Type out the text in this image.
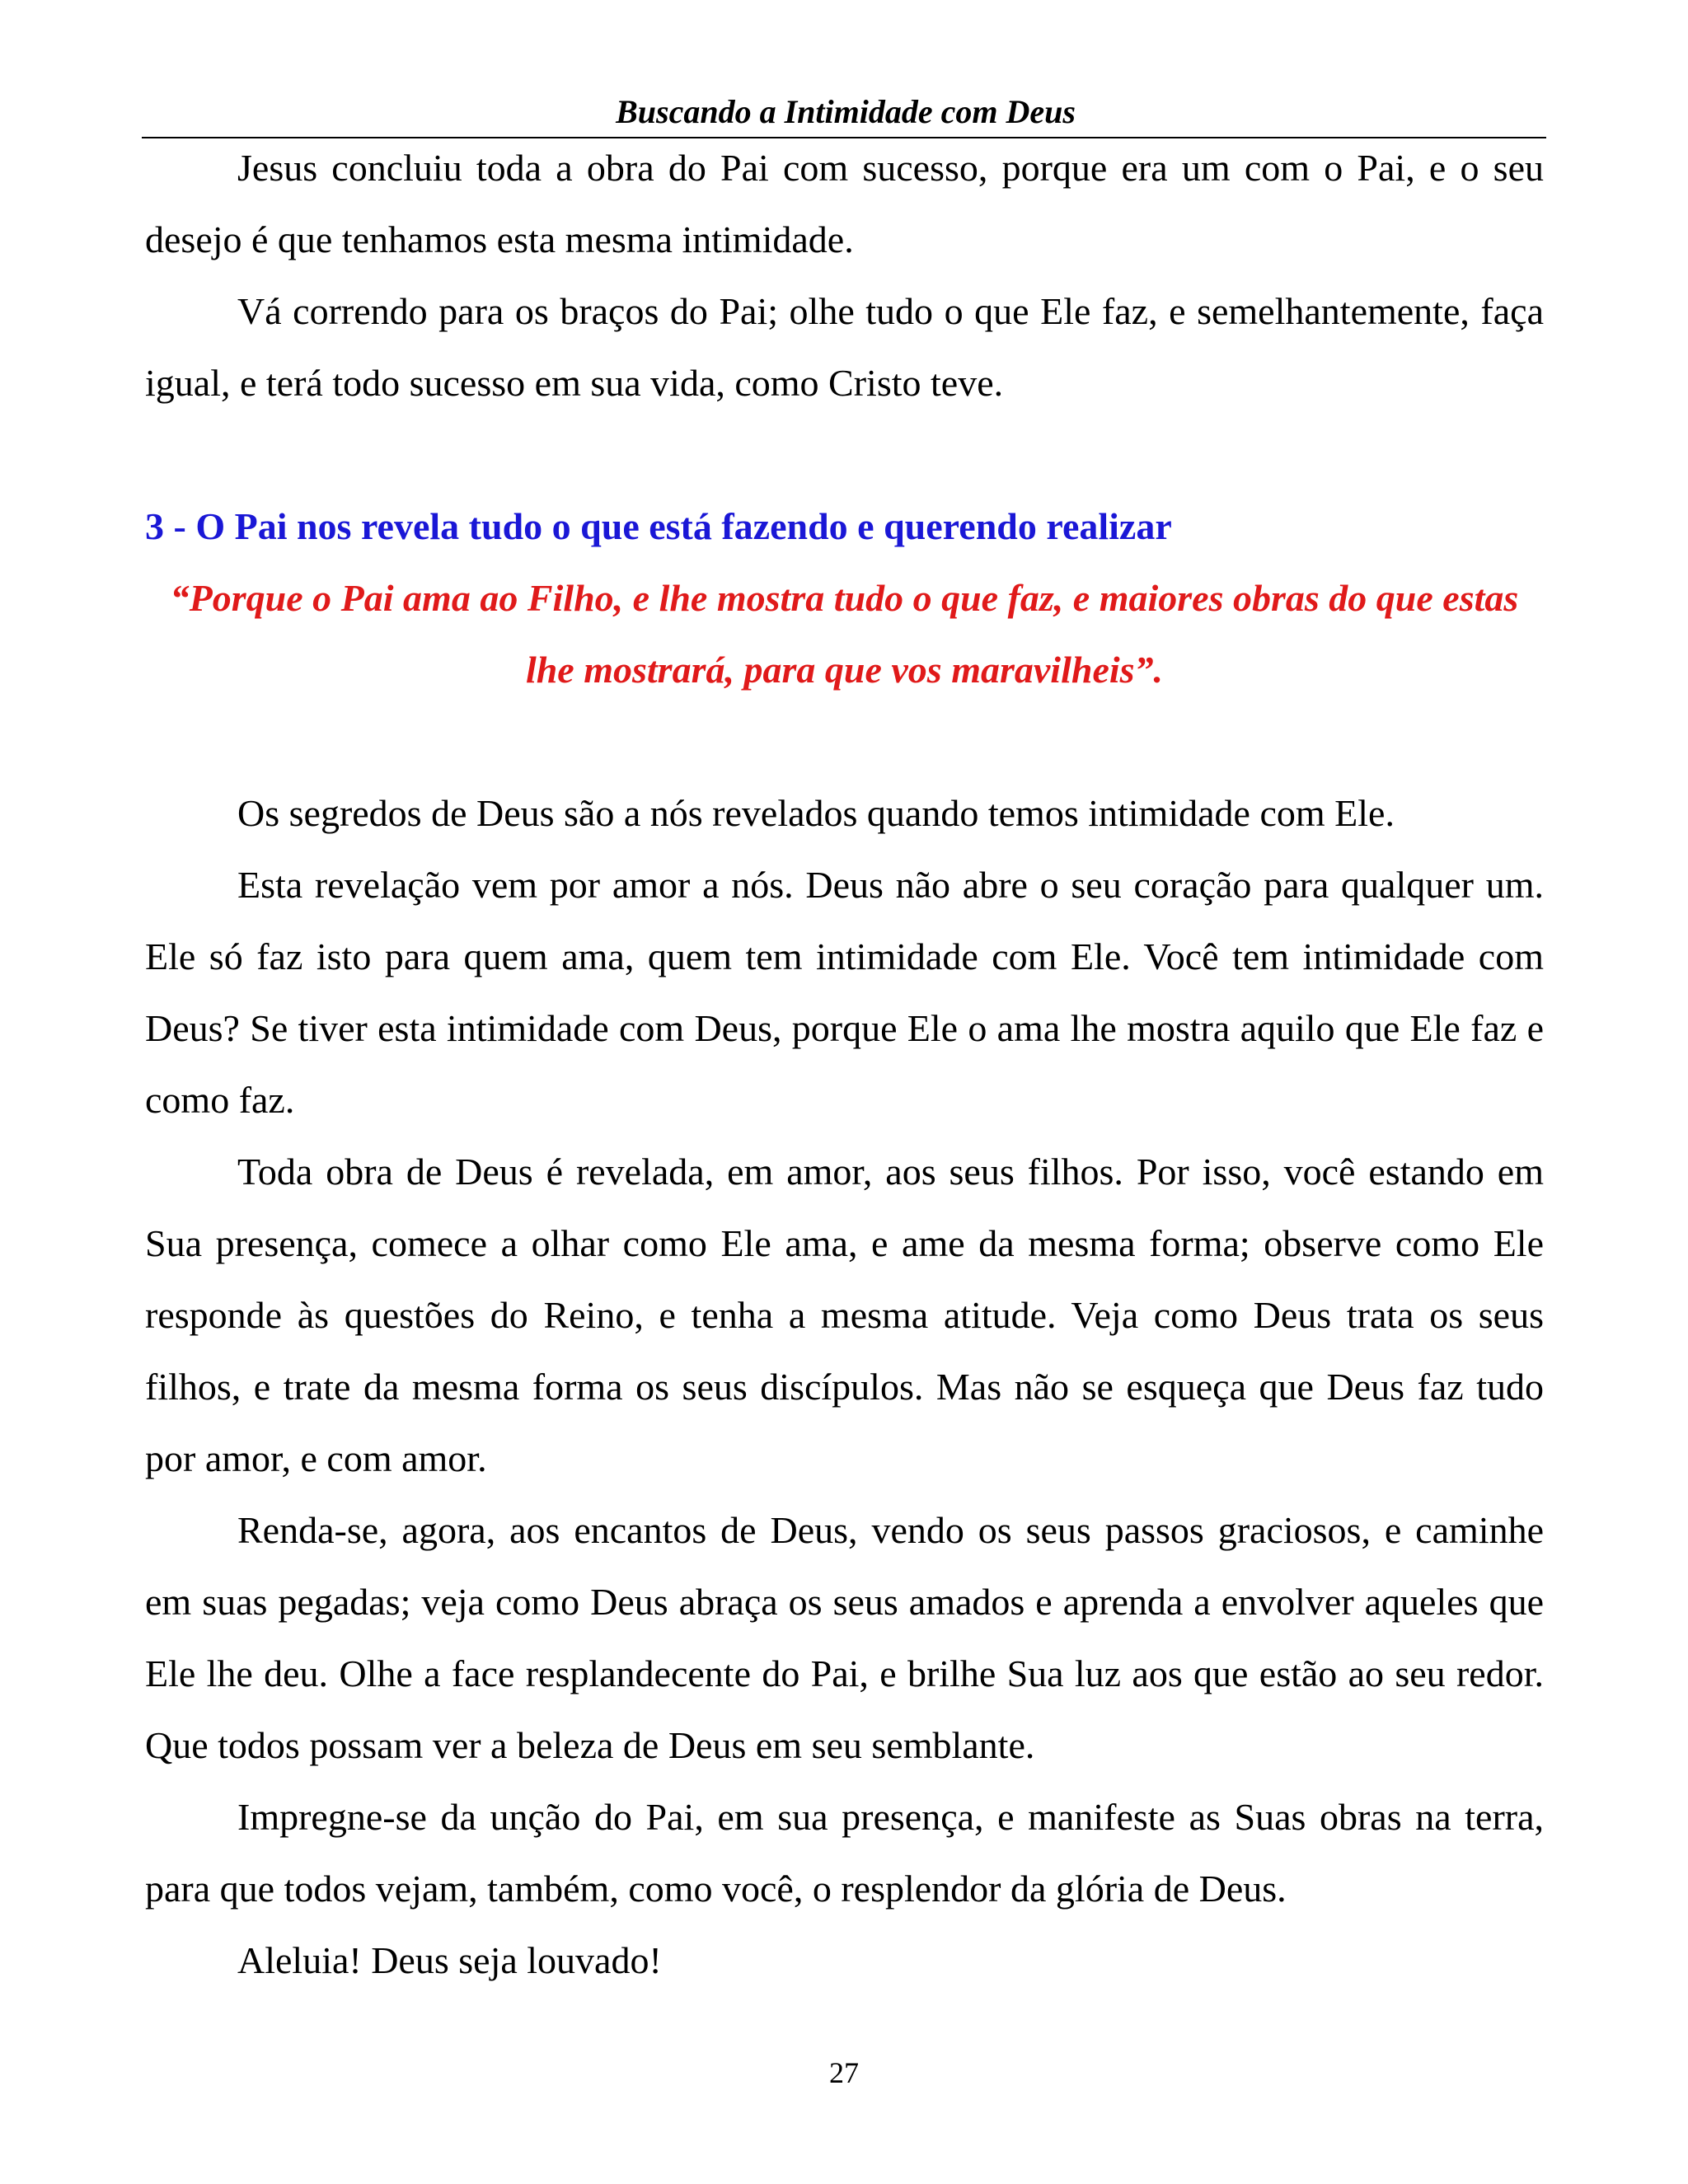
Buscando a Intimidade com Deus

Jesus concluiu toda a obra do Pai com sucesso, porque era um com o Pai, e o seu desejo é que tenhamos esta mesma intimidade.

Vá correndo para os braços do Pai; olhe tudo o que Ele faz, e semelhantemente, faça igual, e terá todo sucesso em sua vida, como Cristo teve.

3 - O Pai nos revela tudo o que está fazendo e querendo realizar

“Porque o Pai ama ao Filho, e lhe mostra tudo o que faz, e maiores obras do que estas lhe mostrará, para que vos maravilheis”.

Os segredos de Deus são a nós revelados quando temos intimidade com Ele.

Esta revelação vem por amor a nós. Deus não abre o seu coração para qualquer um. Ele só faz isto para quem ama, quem tem intimidade com Ele. Você tem intimidade com Deus? Se tiver esta intimidade com Deus, porque Ele o ama lhe mostra aquilo que Ele faz e como faz.

Toda obra de Deus é revelada, em amor, aos seus filhos. Por isso, você estando em Sua presença, comece a olhar como Ele ama, e ame da mesma forma; observe como Ele responde às questões do Reino, e tenha a mesma atitude. Veja como Deus trata os seus filhos, e trate da mesma forma os seus discípulos. Mas não se esqueça que Deus faz tudo por amor, e com amor.

Renda-se, agora, aos encantos de Deus, vendo os seus passos graciosos, e caminhe em suas pegadas; veja como Deus abraça os seus amados e aprenda a envolver aqueles que Ele lhe deu. Olhe a face resplandecente do Pai, e brilhe Sua luz aos que estão ao seu redor. Que todos possam ver a beleza de Deus em seu semblante.

Impregne-se da unção do Pai, em sua presença, e manifeste as Suas obras na terra, para que todos vejam, também, como você, o resplendor da glória de Deus.

Aleluia! Deus seja louvado!

27
